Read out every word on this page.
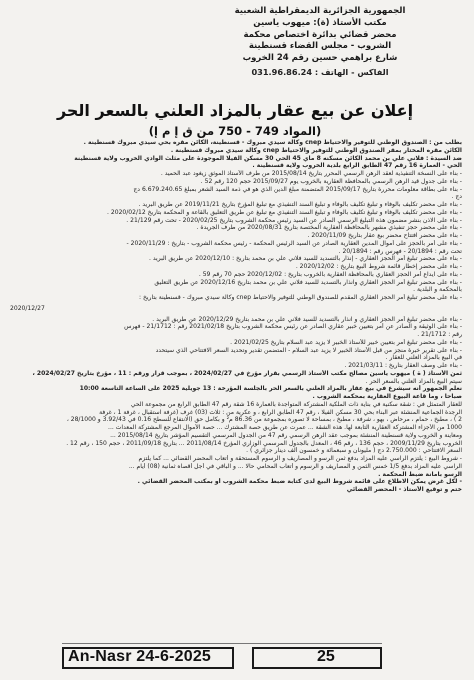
الجمهورية الجزائرية الديمقراطية الشعبية
مكتب الأستاذ (ة): ميهوب ياسين
محضر قضائي بدائرة اختصاص محكمة
الشروب - مجلس القضاء قسنطينة
شارع براهمي حسين رقم 24 الخروب
الفاكس - الهاتف : 031.96.86.24
إعلان عن بيع عقار بالمزاد العلني بالسعر الحر
(المواد 749 - 750 من ق إ م إ)
بطلب من : الصندوق الوطني للتوفير والاحتياط cnep وكالة سيدي مبروك - قسنطينة، الكائن مقره بحي سيدي مبروك قسنطينة .
الكائن مقره المختار بمقر الصندوق الوطني للتوفير والاحتياط cnep وكالة سيدي مبروك قسنطينة .
ضد السيدة : فلاني علي بن محمد الكائن مسكنه 8 ماي 45 الحي 30 مسكن الفيلا الموجودة على مثلث الوادي الخروب ولاية قسنطينة
الحي - العمارة 16 رقم 47 الطابق الرابع بلدية الخروب ولاية قسنطينة .
- بناء على النسخة التنفيذية لعقد الرهن الرسمي المحرر بتاريخ 2015/08/14 من طرف الأستاذ الموثق زيغود عبد الحميد .
- بناء على جدول قيد الرهن الرسمي بالمحافظة العقارية بالخروب يوم 2015/09/27 حجم 120 رقم 52 .
- بناء على بطاقة معلومات محررة بتاريخ 2015/09/17 المتضمنة مبلغ الدين الذي هو في ذمة السيد الشعر بمبلغ 6.679.240.65 دج
دج .
- بناء على محضر تكليف بالوفاء و تبليغ تكليف بالوفاء و تبليغ السند التنفيذي مع تبليغ المؤرخ بتاريخ 2019/11/21 عن طريق البريد .
- بناء على محضر تكليف بالوفاء و تبليغ تكليف بالوفاء و تبليغ السند التنفيذي مع تبليغ عن طريق التعليق بالقاعة و المحكمة بتاريخ 2020/02/12 .
- بناء على الاذن بنشر مضمون هذه التبليغ الرسمي الصادر عن السيد رئيس محكمة الشروب بتاريخ 2020/02/25 - تحت رقم 21/129 .
- بناء على محضر حجز تنفيذي مشهر بالمحافظة العقارية المختصة بتاريخ 2020/08/31 من طرف الجريدة .
- بناء على محضر افتتاح محضر بيع عقار بتاريخ 2020/11/09 .
- بناء على أمر بالحجز على أموال المدين العقارية الصادر عن السيد الرئيس المحكمة - رئيس محكمة الشروب - بتاريخ : 2020/11/29 -
تحت رقم : 20/1894 - فهرس رقم : 20/1894 .
- بناء على محضر تبليغ أمر الحجز العقاري - إنذار بالتسديد للسيد فلاني علي بن محمد بتاريخ : 2020/12/10 عن طريق البريد .
- بناء على محضر إخطار قائمة شروط البيع بتاريخ : 2020/12/02 .
- بناء على ايداع أمر الحجز العقاري بالمحافظة العقارية بالخروب بتاريخ : 2020/12/02 حجم 70 رقم 59 .
- بناء على محضر تبليغ أمر الحجز العقاري وانذار بالتسديد للسيد فلاني علي بن محمد بتاريخ 2020/12/16 عن طريق التعليق
بالمحكمة و البلدية .
- بناء على محضر تبليغ أمر الحجز العقاري المقدم للصندوق الوطني للتوفير والاحتياط cnep وكالة سيدي مبروك - قسنطينة بتاريخ :
2020/12/27
- بناء على محضر تبليغ أمر الحجز العقاري و انذار بالتسديد للسيد فلاني علي بن محمد بتاريخ 2020/12/29 عن طريق البريد .
- بناء على الوثيقة و الصادر عن أمر بتعيين خبير عقاري الصادر عن رئيس محكمة الشروب بتاريخ 2021/02/18 رقم : 21/1712 - فهرس
رقم : 21/1712 .
- بناء على محضر تبليغ أمر بتعيين خبير للأستاذ الخبير لا يزيد عبد السلام بتاريخ 2021/02/25 .
- بناء على تقرير خبرة منجز من قبل الأستاذ الخبير لا يزيد عبد السلام - المتضمن تقدير وتحديد السعر الافتتاحي الذي سيتحدد
في البيع بالمزاد العلني للعقار .
- بناء على وصف العقار بتاريخ : 2021/03/11 .
ثمن الأستاذ ( ة ) ميهوب ياسين مصالح مكتب الأستاذ الرسمي بقرار مؤرخ في 2024/02/27 ، بموجب قرار ورقم : 11 ، مؤرخ بتاريخ 2024/02/27 ،
سيتم البيع بالمزاد العلني بالسعر الحر .
نعلم الجمهور أنه سيشرع في بيع عقار بالمزاد العلني بالسعر الحر بالجلسة المؤرخة : 13 جويلية 2025 على الساعة التاسعة 10:00
صباحا ، وما قاعة البيوع العقارية بمحكمة الشروب .
للعقار المتمثل في : شقة سكنية في بناية ذات الملكية المشتركة المتواجدة بالعمارة 16 شقة رقم 47 الطابق الرابع من مجموعة الحي
الرجدة الجماعية المنشئة عبر البناء بحي 30 مسكن الفيلا ، رقم 47 الطابق الرابع ، و عكرية من : ثلاث (03) غرف (غرفة استقبال ، غرفة 1 ، غرفة
2 ) ، مطبخ ، حمام ، مرحاض ، بهو ، شرفة ، مطبخ ، بمساحة لا تصوره بمجموعة من 86.36 م² و بكامل حق (الانتفاع للسطح 0.16 في 3.92/43 و 28/1000 ،
1000 من الأجزاء المشتركة العقارية التابعة لها. هذه الشقة ... عمرت عن طريق حصة المشترك ... حصة الأموال المرجع المشتركة المعدات ...
ومعاينة و الخروب ولاية قسنطينة المنشئة بموجب عقد الرهن الرسمي رقم 47 من الجدول المرسمي التقسيم المؤشر بتاريخ 2015/08/14 ...
الخروب بتاريخ 2009/11/29 ، حجم 136 ، رقم 46 ، المعدل بالجدول المرسمي الوزاري المؤرخ 2011/08/14 ... بتاريخ 2011/09/18 ، حجم 150 ، رقم 12 .
السعر الافتتاحي : 2.750.000 دج ( مليونان و سبعمائة و خمسون ألف دينار جزائري ) .
- شروط البيع : يلتزم الراسي عليه المزاد بدفع ثمن الرسو و المصاريف و الرسوم المستحقة و أتعاب المحضر القضائي ... كما يلتزم
الراسي عليه المزاد بدفع 1/5 خمس الثمن و المصاريف و الرسوم و أتعاب المحامي حالا ... و الباقي في أجل أقصاه ثمانية (08) أيام ...
الرسو بامانة ضبط المحكمة .
- لكل غرض يمكن الاطلاع على قائمة شروط البيع لدى كتابة ضبط محكمة الشروب أو بمكتب المحضر القضائي .
ختم و توقيع الأستاذ - المحضر القضائي
An-Nasr 24-6-2025	25
